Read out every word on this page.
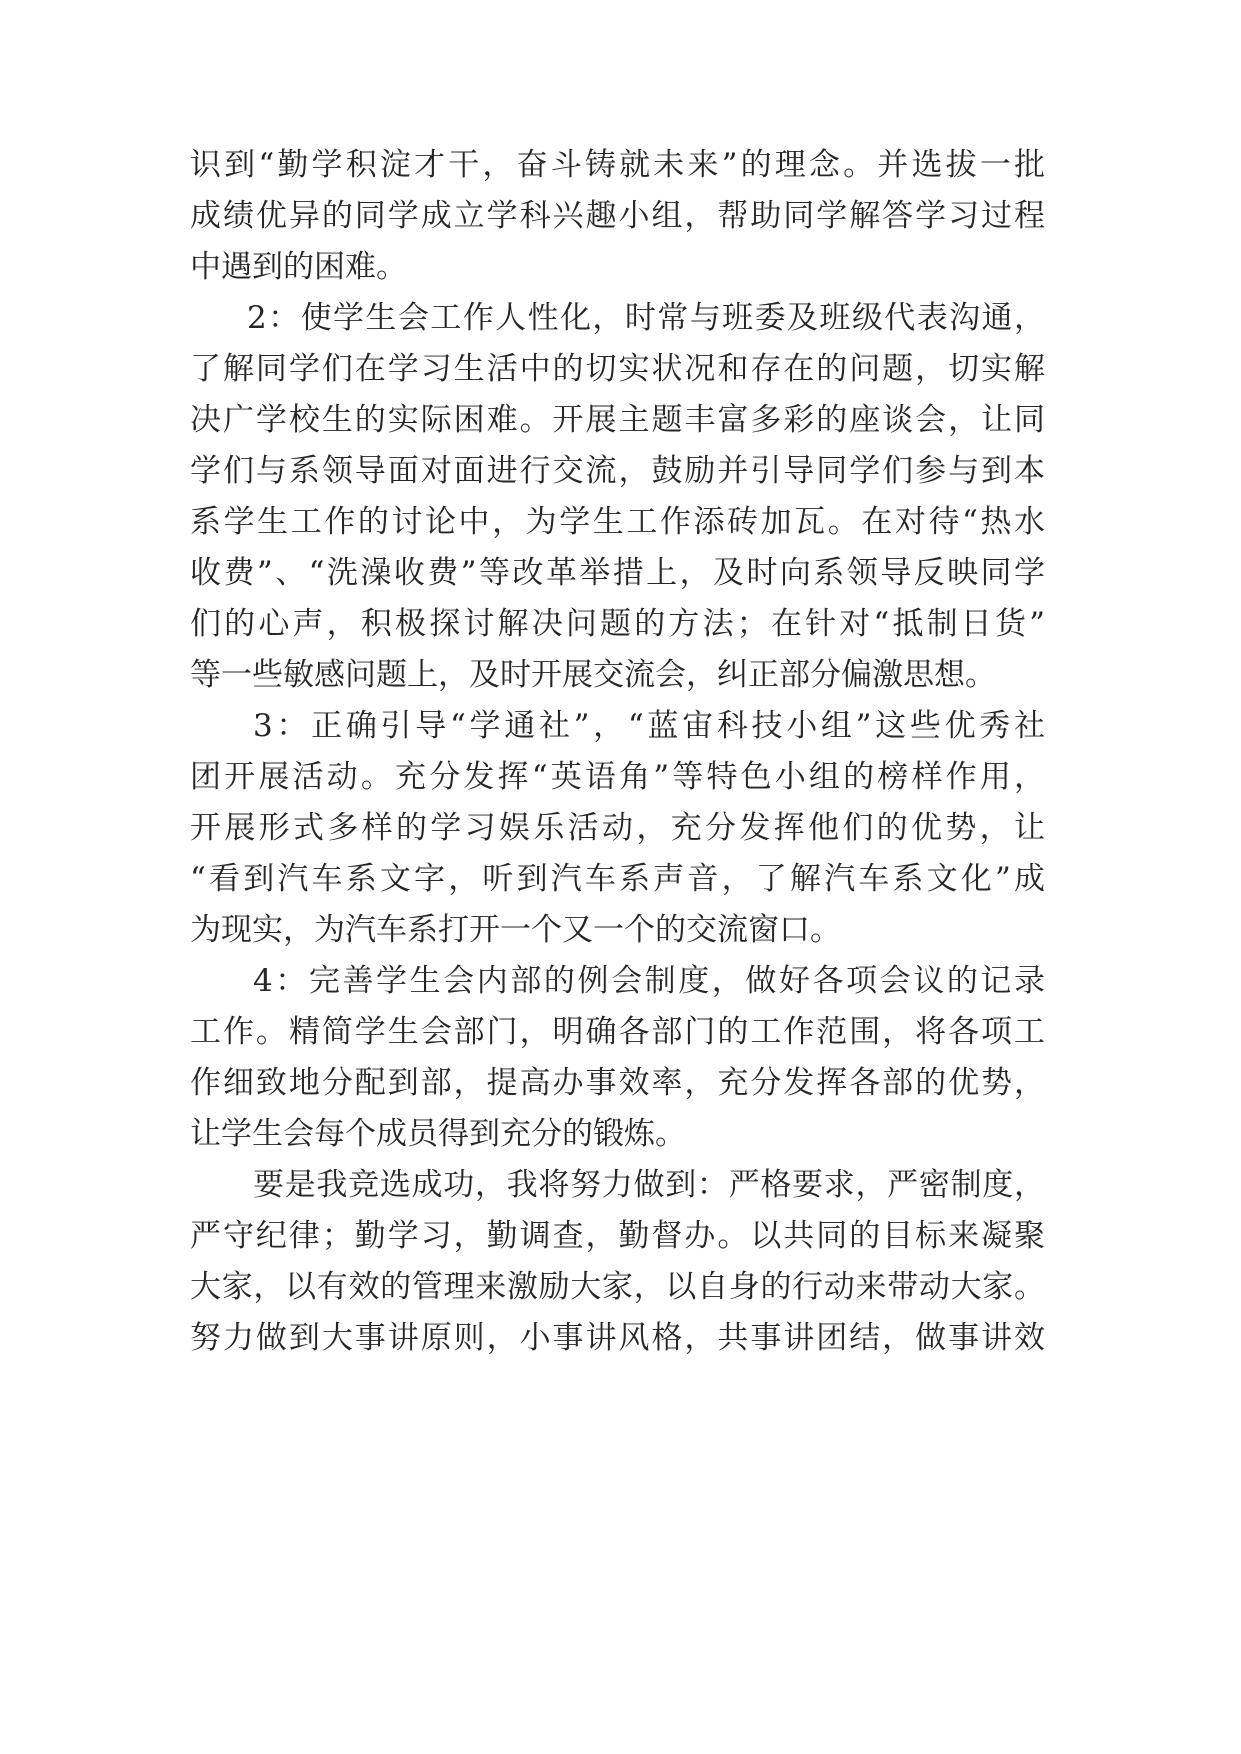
识到“勤学积淀才干，奋斗铸就未来”的理念。并选拔一批
成绩优异的同学成立学科兴趣小组，帮助同学解答学习过程
中遇到的困难。
2：使学生会工作人性化，时常与班委及班级代表沟通，
了解同学们在学习生活中的切实状况和存在的问题，切实解
决广学校生的实际困难。开展主题丰富多彩的座谈会，让同
学们与系领导面对面进行交流，鼓励并引导同学们参与到本
系学生工作的讨论中，为学生工作添砖加瓦。在对待“热水
收费”、“洗澡收费”等改革举措上，及时向系领导反映同学
们的心声，积极探讨解决问题的方法；在针对“抵制日货”
等一些敏感问题上，及时开展交流会，纠正部分偏激思想。
3：正确引导“学通社”，“蓝宙科技小组”这些优秀社
团开展活动。充分发挥“英语角”等特色小组的榜样作用，
开展形式多样的学习娱乐活动，充分发挥他们的优势，让
“看到汽车系文字，听到汽车系声音，了解汽车系文化”成
为现实，为汽车系打开一个又一个的交流窗口。
4：完善学生会内部的例会制度，做好各项会议的记录
工作。精简学生会部门，明确各部门的工作范围，将各项工
作细致地分配到部，提高办事效率，充分发挥各部的优势，
让学生会每个成员得到充分的锻炼。
要是我竞选成功，我将努力做到：严格要求，严密制度，
严守纪律；勤学习，勤调查，勤督办。以共同的目标来凝聚
大家，以有效的管理来激励大家，以自身的行动来带动大家。
努力做到大事讲原则，小事讲风格，共事讲团结，做事讲效
